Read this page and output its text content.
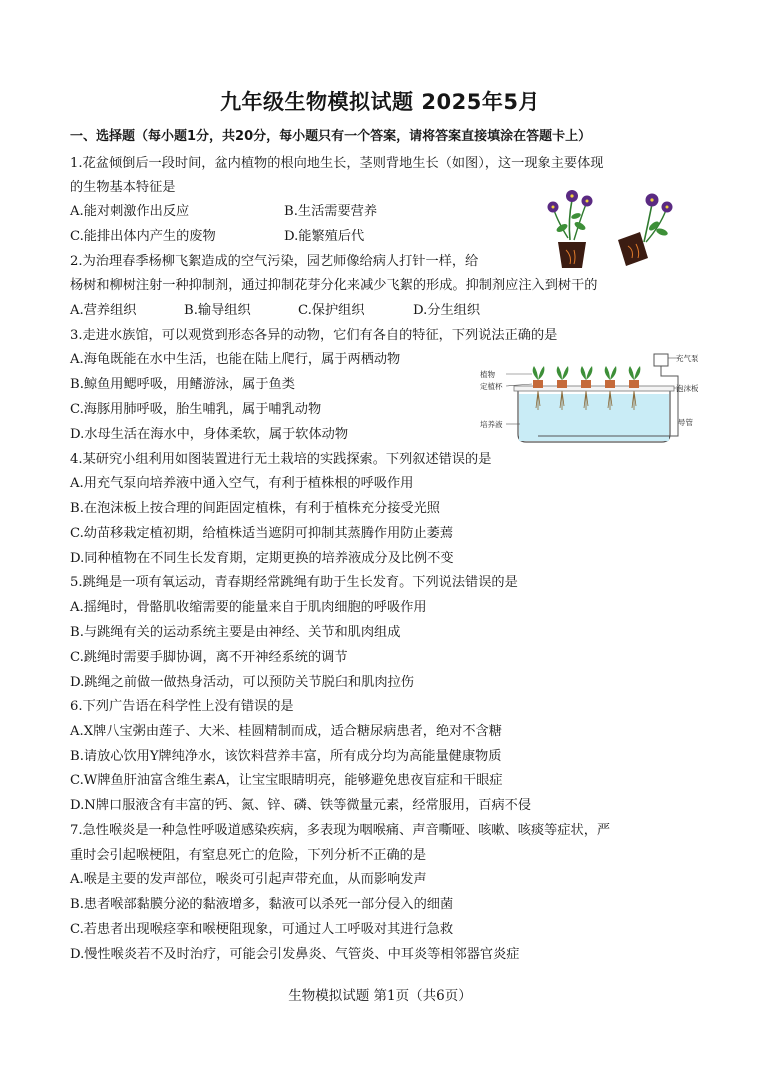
九年级生物模拟试题 2025年5月
一、选择题（每小题1分，共20分，每小题只有一个答案，请将答案直接填涂在答题卡上）
1.花盆倾倒后一段时间，盆内植物的根向地生长，茎则背地生长（如图），这一现象主要体现
的生物基本特征是
A.能对刺激作出反应	B.生活需要营养
C.能排出体内产生的废物	D.能繁殖后代
2.为治理春季杨柳飞絮造成的空气污染，园艺师像给病人打针一样，给
杨树和柳树注射一种抑制剂，通过抑制花芽分化来减少飞絮的形成。抑制剂应注入到树干的
A.营养组织	B.输导组织	C.保护组织	D.分生组织
3.走进水族馆，可以观赏到形态各异的动物，它们有各自的特征，下列说法正确的是
A.海龟既能在水中生活，也能在陆上爬行，属于两栖动物
B.鲸鱼用鳃呼吸，用鳍游泳，属于鱼类
C.海豚用肺呼吸，胎生哺乳，属于哺乳动物
D.水母生活在海水中，身体柔软，属于软体动物
植物
定植杯
培养液
充气泵
泡沫板
导管
4.某研究小组利用如图装置进行无土栽培的实践探索。下列叙述错误的是
A.用充气泵向培养液中通入空气，有利于植株根的呼吸作用
B.在泡沫板上按合理的间距固定植株，有利于植株充分接受光照
C.幼苗移栽定植初期，给植株适当遮阴可抑制其蒸腾作用防止萎蔫
D.同种植物在不同生长发育期，定期更换的培养液成分及比例不变
5.跳绳是一项有氧运动，青春期经常跳绳有助于生长发育。下列说法错误的是
A.摇绳时，骨骼肌收缩需要的能量来自于肌肉细胞的呼吸作用
B.与跳绳有关的运动系统主要是由神经、关节和肌肉组成
C.跳绳时需要手脚协调，离不开神经系统的调节
D.跳绳之前做一做热身活动，可以预防关节脱臼和肌肉拉伤
6.下列广告语在科学性上没有错误的是
A.X牌八宝粥由莲子、大米、桂圆精制而成，适合糖尿病患者，绝对不含糖
B.请放心饮用Y牌纯净水，该饮料营养丰富，所有成分均为高能量健康物质
C.W牌鱼肝油富含维生素A，让宝宝眼睛明亮，能够避免患夜盲症和干眼症
D.N牌口服液含有丰富的钙、氮、锌、磷、铁等微量元素，经常服用，百病不侵
7.急性喉炎是一种急性呼吸道感染疾病，多表现为咽喉痛、声音嘶哑、咳嗽、咳痰等症状，严
重时会引起喉梗阻，有窒息死亡的危险，下列分析不正确的是
A.喉是主要的发声部位，喉炎可引起声带充血，从而影响发声
B.患者喉部黏膜分泌的黏液增多，黏液可以杀死一部分侵入的细菌
C.若患者出现喉痉挛和喉梗阻现象，可通过人工呼吸对其进行急救
D.慢性喉炎若不及时治疗，可能会引发鼻炎、气管炎、中耳炎等相邻器官炎症
生物模拟试题 第1页（共6页）
